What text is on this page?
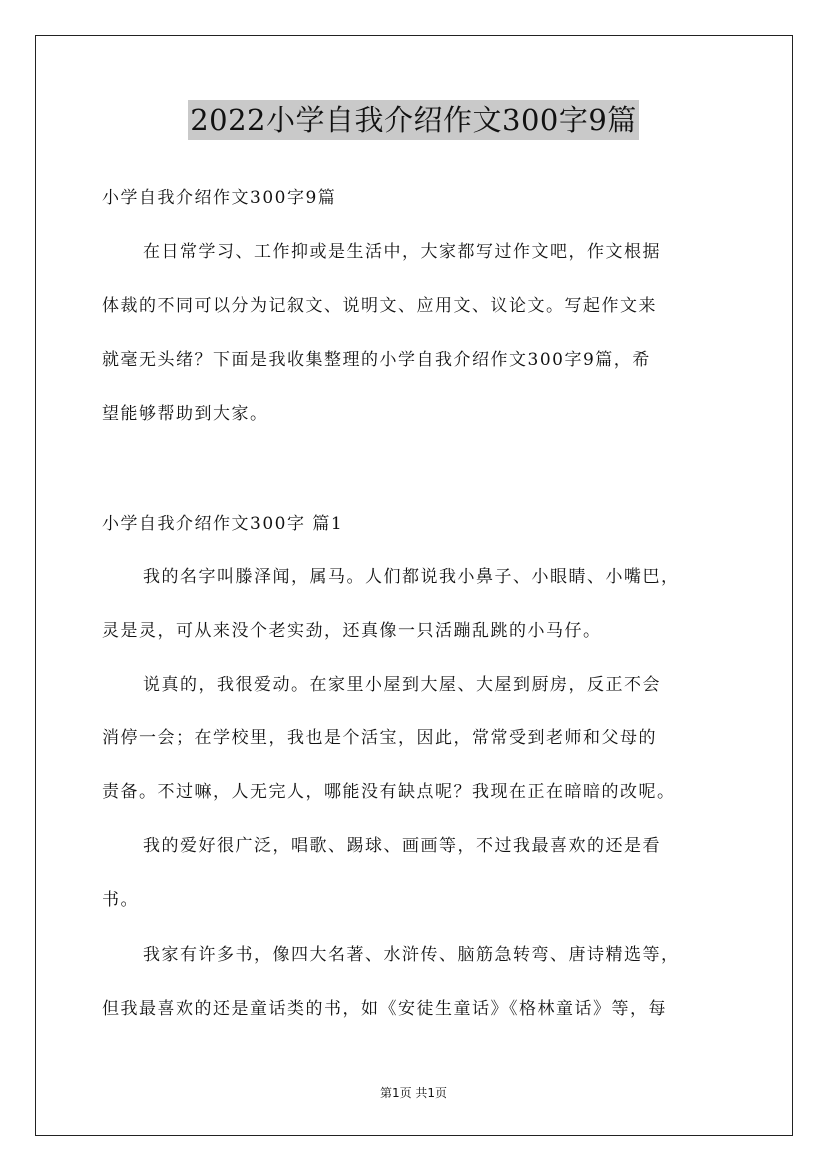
2022小学自我介绍作文300字9篇
小学自我介绍作文300字9篇
在日常学习、工作抑或是生活中，大家都写过作文吧，作文根据
体裁的不同可以分为记叙文、说明文、应用文、议论文。写起作文来
就毫无头绪？下面是我收集整理的小学自我介绍作文300字9篇，希
望能够帮助到大家。
小学自我介绍作文300字 篇1
我的名字叫滕泽闻，属马。人们都说我小鼻子、小眼睛、小嘴巴，
灵是灵，可从来没个老实劲，还真像一只活蹦乱跳的小马仔。
说真的，我很爱动。在家里小屋到大屋、大屋到厨房，反正不会
消停一会；在学校里，我也是个活宝，因此，常常受到老师和父母的
责备。不过嘛，人无完人，哪能没有缺点呢？我现在正在暗暗的改呢。
我的爱好很广泛，唱歌、踢球、画画等，不过我最喜欢的还是看
书。
我家有许多书，像四大名著、水浒传、脑筋急转弯、唐诗精选等，
但我最喜欢的还是童话类的书，如《安徒生童话》《格林童话》等，每
第1页 共1页
